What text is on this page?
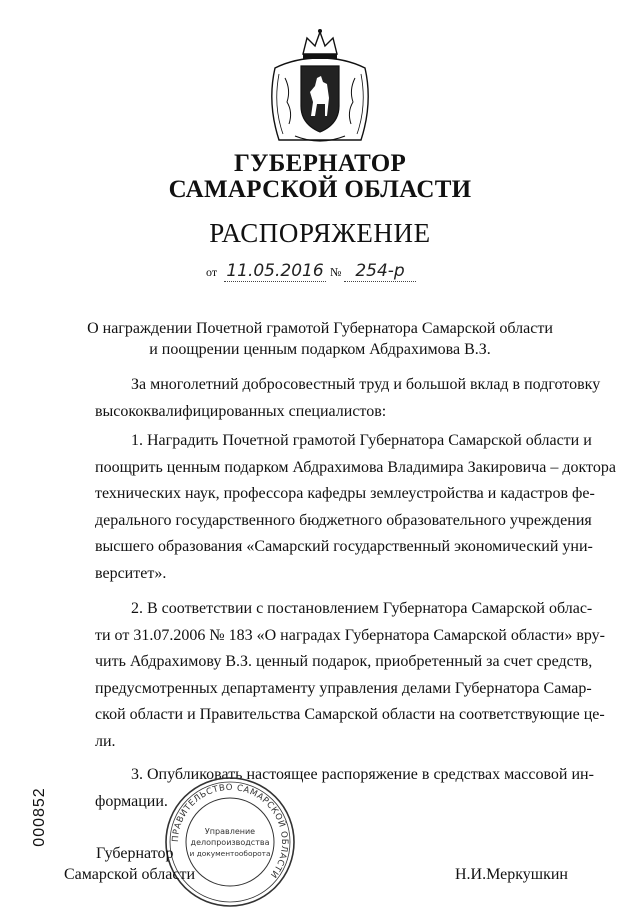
ГУБЕРНАТОР
САМАРСКОЙ ОБЛАСТИ
РАСПОРЯЖЕНИЕ
от 11.05.2016 № 254-р
О награждении Почетной грамотой Губернатора Самарской области
и поощрении ценным подарком Абдрахимова В.З.
За многолетний добросовестный труд и большой вклад в подготовку
высококвалифицированных специалистов:
1. Наградить Почетной грамотой Губернатора Самарской области и
поощрить ценным подарком Абдрахимова Владимира Закировича – доктора
технических наук, профессора кафедры землеустройства и кадастров фе-
дерального государственного бюджетного образовательного учреждения
высшего образования «Самарский государственный экономический уни-
верситет».
2. В соответствии с постановлением Губернатора Самарской облас-
ти от 31.07.2006 № 183 «О наградах Губернатора Самарской области» вру-
чить Абдрахимову В.З. ценный подарок, приобретенный за счет средств,
предусмотренных департаменту управления делами Губернатора Самар-
ской области и Правительства Самарской области на соответствующие це-
ли.
3. Опубликовать настоящее распоряжение в средствах массовой ин-
формации.
ПРАВИТЕЛЬСТВО САМАРСКОЙ ОБЛАСТИ
Управление
делопроизводства
и документооборота
Губернатор
Самарской области	Н.И.Меркушкин
000852
